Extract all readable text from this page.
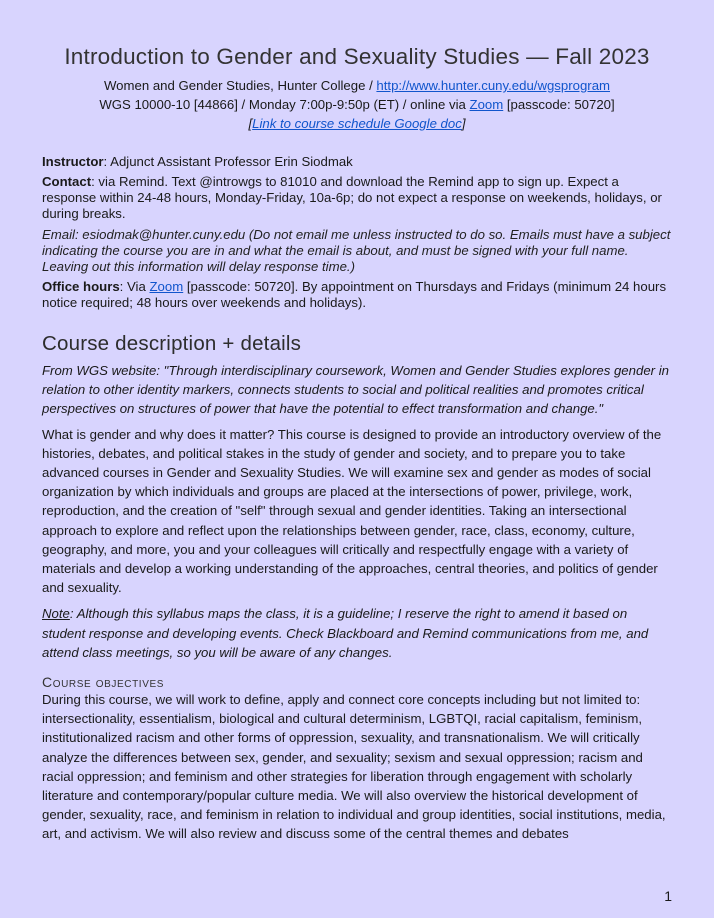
Introduction to Gender and Sexuality Studies — Fall 2023

Women and Gender Studies, Hunter College / http://www.hunter.cuny.edu/wgsprogram

WGS 10000-10 [44866] / Monday 7:00p-9:50p (ET) / online via Zoom [passcode: 50720]

[Link to course schedule Google doc]

Instructor: Adjunct Assistant Professor Erin Siodmak

Contact: via Remind. Text @introwgs to 81010 and download the Remind app to sign up. Expect a response within 24-48 hours, Monday-Friday, 10a-6p; do not expect a response on weekends, holidays, or during breaks.

Email: esiodmak@hunter.cuny.edu (Do not email me unless instructed to do so. Emails must have a subject indicating the course you are in and what the email is about, and must be signed with your full name. Leaving out this information will delay response time.)

Office hours: Via Zoom [passcode: 50720]. By appointment on Thursdays and Fridays (minimum 24 hours notice required; 48 hours over weekends and holidays).

Course description + details

From WGS website: "Through interdisciplinary coursework, Women and Gender Studies explores gender in relation to other identity markers, connects students to social and political realities and promotes critical perspectives on structures of power that have the potential to effect transformation and change."

What is gender and why does it matter? This course is designed to provide an introductory overview of the histories, debates, and political stakes in the study of gender and society, and to prepare you to take advanced courses in Gender and Sexuality Studies. We will examine sex and gender as modes of social organization by which individuals and groups are placed at the intersections of power, privilege, work, reproduction, and the creation of "self" through sexual and gender identities. Taking an intersectional approach to explore and reflect upon the relationships between gender, race, class, economy, culture, geography, and more, you and your colleagues will critically and respectfully engage with a variety of materials and develop a working understanding of the approaches, central theories, and politics of gender and sexuality.

Note: Although this syllabus maps the class, it is a guideline; I reserve the right to amend it based on student response and developing events. Check Blackboard and Remind communications from me, and attend class meetings, so you will be aware of any changes.

Course objectives

During this course, we will work to define, apply and connect core concepts including but not limited to: intersectionality, essentialism, biological and cultural determinism, LGBTQI, racial capitalism, feminism, institutionalized racism and other forms of oppression, sexuality, and transnationalism. We will critically analyze the differences between sex, gender, and sexuality; sexism and sexual oppression; racism and racial oppression; and feminism and other strategies for liberation through engagement with scholarly literature and contemporary/popular culture media. We will also overview the historical development of gender, sexuality, race, and feminism in relation to individual and group identities, social institutions, media, art, and activism. We will also review and discuss some of the central themes and debates

1
